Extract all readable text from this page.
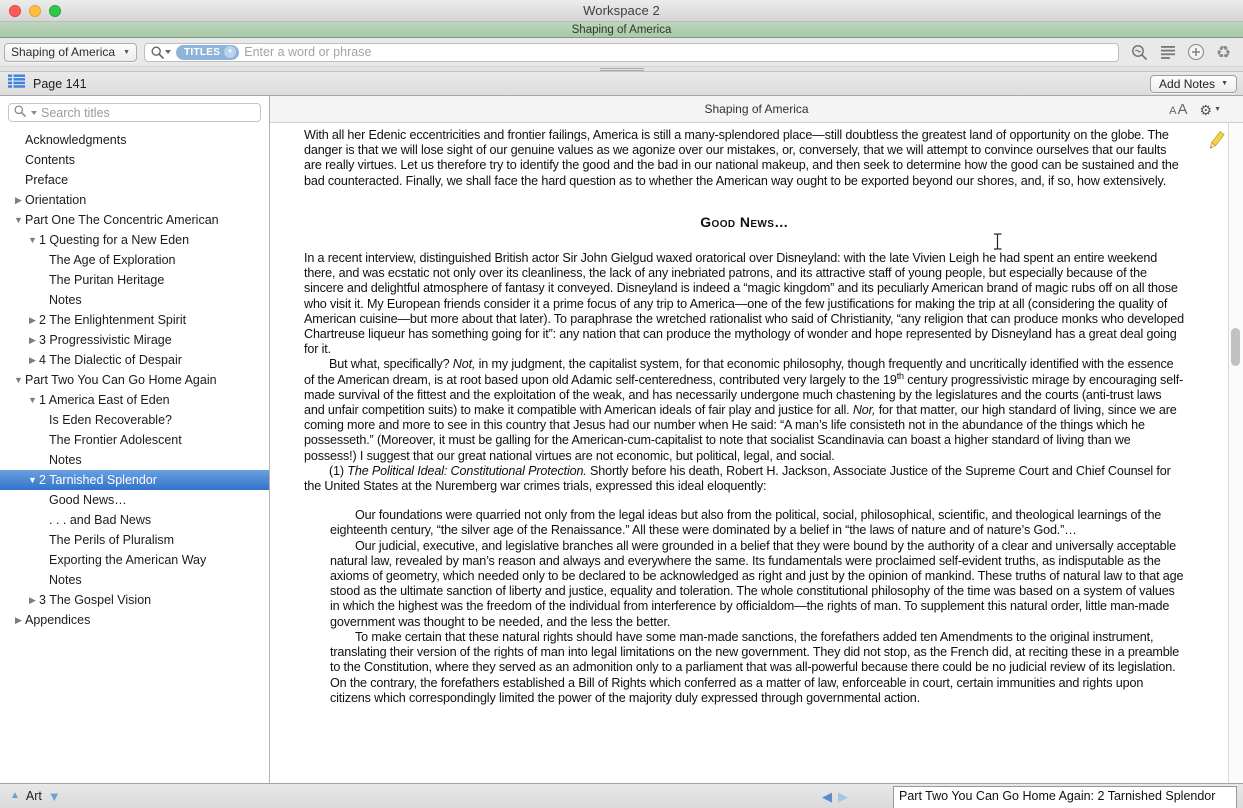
Workspace 2
Shaping of America
Shaping of America ▼	TITLES	▼
Enter a word or phrase	♻
Page 141	Add Notes ▼
Search titles
Acknowledgments
Contents
Preface
▶ Orientation
▼ Part One The Concentric American
▼ 1 Questing for a New Eden
The Age of Exploration
The Puritan Heritage
Notes
▶ 2 The Enlightenment Spirit
▶ 3 Progressivistic Mirage
▶ 4 The Dialectic of Despair
▼ Part Two You Can Go Home Again
▼ 1 America East of Eden
Is Eden Recoverable?
The Frontier Adolescent
Notes
▼ 2 Tarnished Splendor
Good News…
. . . and Bad News
The Perils of Pluralism
Exporting the American Way
Notes
▶ 3 The Gospel Vision
▶ Appendices
Shaping of America	A A ⚙ ▼

With all her Edenic eccentricities and frontier failings, America is still a many-splendored place—still doubtless the greatest land of opportunity on the globe. The danger is that we will lose sight of our genuine values as we agonize over our mistakes, or, conversely, that we will attempt to convince ourselves that our faults are really virtues. Let us therefore try to identify the good and the bad in our national makeup, and then seek to determine how the good can be sustained and the bad counteracted. Finally, we shall face the hard question as to whether the American way ought to be exported beyond our shores, and, if so, how extensively.

Good News…

In a recent interview, distinguished British actor Sir John Gielgud waxed oratorical over Disneyland: with the late Vivien Leigh he had spent an entire weekend there, and was ecstatic not only over its cleanliness, the lack of any inebriated patrons, and its attractive staff of young people, but especially because of the sincere and delightful atmosphere of fantasy it conveyed. Disneyland is indeed a “magic kingdom” and its peculiarly American brand of magic rubs off on all those who visit it. My European friends consider it a prime focus of any trip to America—one of the few justifications for making the trip at all (considering the quality of American cuisine—but more about that later). To paraphrase the wretched rationalist who said of Christianity, “any religion that can produce monks who developed Chartreuse liqueur has something going for it”: any nation that can produce the mythology of wonder and hope represented by Disneyland has a great deal going for it.

But what, specifically? Not, in my judgment, the capitalist system, for that economic philosophy, though frequently and uncritically identified with the essence of the American dream, is at root based upon old Adamic self-centeredness, contributed very largely to the 19th century progressivistic mirage by encouraging self-made survival of the fittest and the exploitation of the weak, and has necessarily undergone much chastening by the legislatures and the courts (anti-trust laws and unfair competition suits) to make it compatible with American ideals of fair play and justice for all. Nor, for that matter, our high standard of living, since we are coming more and more to see in this country that Jesus had our number when He said: “A man’s life consisteth not in the abundance of the things which he possesseth.” (Moreover, it must be galling for the American-cum-capitalist to note that socialist Scandinavia can boast a higher standard of living than we possess!) I suggest that our great national virtues are not economic, but political, legal, and social.

(1) The Political Ideal: Constitutional Protection. Shortly before his death, Robert H. Jackson, Associate Justice of the Supreme Court and Chief Counsel for the United States at the Nuremberg war crimes trials, expressed this ideal eloquently:

Our foundations were quarried not only from the legal ideas but also from the political, social, philosophical, scientific, and theological learnings of the eighteenth century, “the silver age of the Renaissance.” All these were dominated by a belief in “the laws of nature and of nature’s God.”…

Our judicial, executive, and legislative branches all were grounded in a belief that they were bound by the authority of a clear and universally acceptable natural law, revealed by man’s reason and always and everywhere the same. Its fundamentals were proclaimed self-evident truths, as indisputable as the axioms of geometry, which needed only to be declared to be acknowledged as right and just by the opinion of mankind. These truths of natural law to that age stood as the ultimate sanction of liberty and justice, equality and toleration. The whole constitutional philosophy of the time was based on a system of values in which the highest was the freedom of the individual from interference by officialdom—the rights of man. To supplement this natural order, little man-made government was thought to be needed, and the less the better.

To make certain that these natural rights should have some man-made sanctions, the forefathers added ten Amendments to the original instrument, translating their version of the rights of man into legal limitations on the new government. They did not stop, as the French did, at reciting these in a preamble to the Constitution, where they served as an admonition only to a parliament that was all-powerful because there could be no judicial review of its legislation. On the contrary, the forefathers established a Bill of Rights which conferred as a matter of law, enforceable in court, certain immunities and rights upon citizens which correspondingly limited the power of the majority duly expressed through governmental action.

▲ Art ▼	◀ ▶	Part Two You Can Go Home Again: 2 Tarnished Splendor
